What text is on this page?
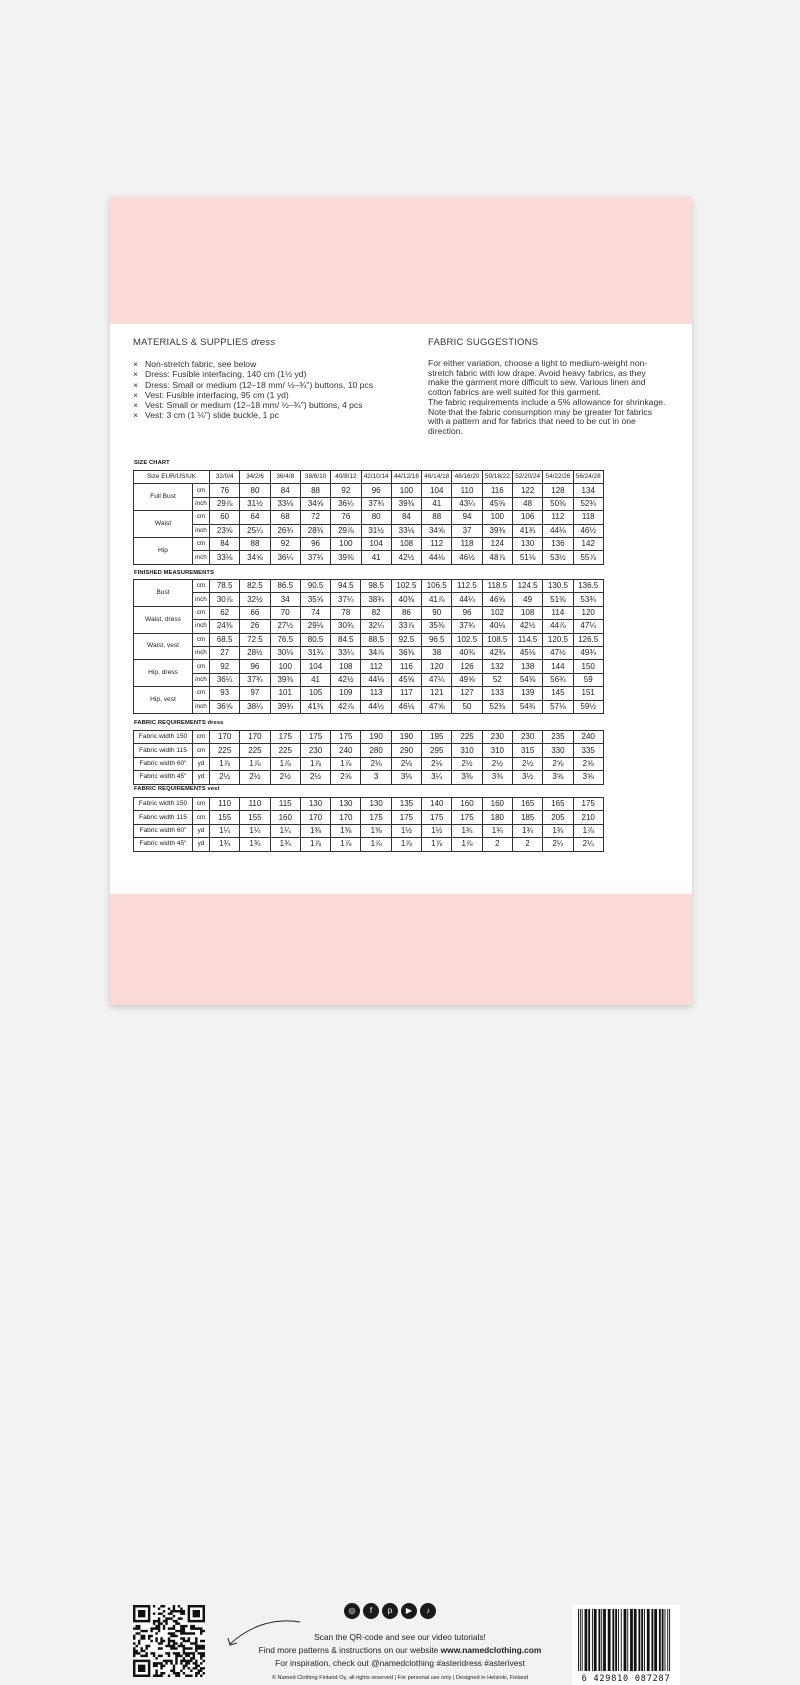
MATERIALS & SUPPLIES dress
× Non-stretch fabric, see below
× Dress: Fusible interfacing, 140 cm (1½ yd)
× Dress: Small or medium (12–18 mm/ ½–¾") buttons, 10 pcs
× Vest: Fusible interfacing, 95 cm (1 yd)
× Vest: Small or medium (12–18 mm/ ½–¾") buttons, 4 pcs
× Vest: 3 cm (1 ⅛") slide buckle, 1 pc
FABRIC SUGGESTIONS

For either variation, choose a light to medium-weight non-stretch fabric with low drape. Avoid heavy fabrics, as they make the garment more difficult to sew. Various linen and cotton fabrics are well suited for this garment.

The fabric requirements include a 5% allowance for shrinkage. Note that the fabric consumption may be greater for fabrics with a pattern and for fabrics that need to be cut in one direction.

SIZE CHART
Size EUR/US/UK		32/0/4	34/2/6	36/4/8	38/6/10	40/8/12	42/10/14	44/12/16	46/14/18	48/16/20	50/18/22	52/20/24	54/22/26	56/24/28
Full Bust	cm	76	80	84	88	92	96	100	104	110	116	122	128	134
	inch	29⅞	31½	33⅛	34⅝	36¼	37¾	39⅜	41	43¼	45⅝	48	50⅜	52¾
Waist	cm	60	64	68	72	76	80	84	88	94	100	106	112	118
	inch	23⅝	25¼	26¾	28⅜	29⅞	31½	33⅛	34⅝	37	39⅜	41¾	44⅛	46½
Hip	cm	84	88	92	96	100	104	108	112	118	124	130	136	142
	inch	33⅛	34⅝	36¼	37¾	39⅜	41	42½	44⅛	46½	48⅞	51⅛	53½	55⅞
FINISHED MEASUREMENTS
Bust	cm	78.5	82.5	86.5	90.5	94.5	98.5	102.5	106.5	112.5	118.5	124.5	130.5	136.5
	inch	30⅞	32½	34	35⅝	37¼	38¾	40⅜	41⅞	44¼	46⅝	49	51⅜	53¾
Waist, dress	cm	62	66	70	74	78	82	86	90	96	102	108	114	120
	inch	24⅜	26	27½	29⅛	30¾	32¼	33⅞	35⅜	37¾	40⅛	42½	44⅞	47¼
Waist, vest	cm	68.5	72.5	76.5	80.5	84.5	88.5	92.5	96.5	102.5	108.5	114.5	120.5	126.5
	inch	27	28½	30⅛	31¾	33¼	34⅞	36⅜	38	40⅜	42¾	45⅛	47½	49¾
Hip, dress	cm	92	96	100	104	108	112	116	120	126	132	138	144	150
	inch	36¼	37¾	39⅜	41	42½	44⅛	45⅝	47¼	49⅝	52	54⅜	56¾	59
Hip, vest	cm	93	97	101	105	109	113	117	121	127	133	139	145	151
	inch	36⅝	38¼	39¾	41⅜	42⅞	44½	46⅛	47⅝	50	52⅜	54¾	57⅛	59½
FABRIC REQUIREMENTS dress
Fabric width 150	cm	170	170	175	175	175	190	190	195	225	230	230	235	240
Fabric width 115	cm	225	225	225	230	240	280	290	295	310	310	315	330	335
Fabric width 60"	yd	1⅞	1⅞	1⅞	1⅞	1⅞	2⅛	2⅛	2⅛	2½	2½	2½	2⅝	2⅝
Fabric width 45"	yd	2½	2½	2½	2½	2⅝	3	3⅛	3¼	3⅜	3⅜	3½	3⅝	3⅝
FABRIC REQUIREMENTS vest
Fabric width 150	cm	110	110	115	130	130	130	135	140	160	160	165	165	175
Fabric width 115	cm	155	155	160	170	170	175	175	175	175	180	185	205	210
Fabric width 60"	yd	1¼	1¼	1¼	1⅜	1⅜	1⅜	1½	1½	1¾	1¾	1¾	1¾	1⅞
Fabric width 45"	yd	1¾	1¾	1¾	1⅞	1⅞	1⅞	1⅞	1⅞	1⅞	2	2	2¼	2¼
◎	f	p	▶	♪
Scan the QR-code and see our video tutorials!
Find more patterns & instructions on our website www.namedclothing.com
For inspiration, check out @namedclothing #asteridress #asterivest
© Named Clothing Finland Oy, all rights reserved | For personal use only | Designed in Helsinki, Finland	6 429810 087287
